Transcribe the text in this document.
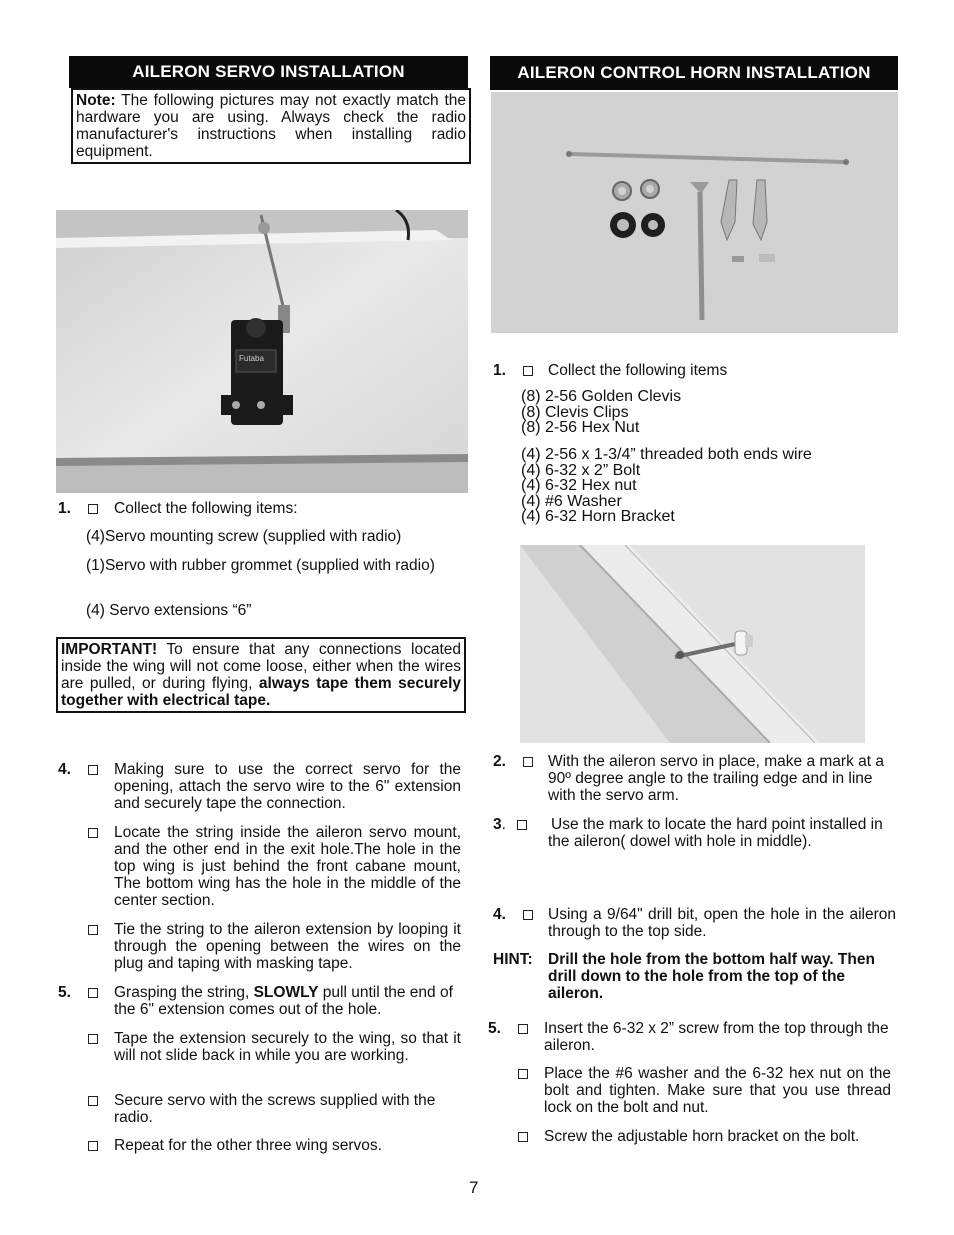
AILERON SERVO INSTALLATION
Note: The following pictures may not exactly match the hardware you are using. Always check the radio manufacturer's instructions when installing radio equipment.
Futaba
1.	Collect the following items:
(4)Servo mounting screw (supplied with radio)
(1)Servo with rubber grommet (supplied with radio)
(4) Servo extensions “6”
IMPORTANT! To ensure that any connections located inside the wing will not come loose, either when the wires are pulled, or during flying, always tape them securely together with electrical tape.
4.	Making sure to use the correct servo for the opening, attach the servo wire to the 6" extension and securely tape the connection.
Locate the string inside the aileron servo mount, and the other end in the exit hole.The hole in the top wing is just behind the front cabane mount, The bottom wing has the hole in the middle of the center section.
Tie the string to the aileron extension by looping it through the opening between the wires on the plug and taping with masking tape.
5.	Grasping the string, SLOWLY pull until the end of the 6" extension comes out of the hole.
Tape the extension securely to the wing, so that it will not slide back in while you are working.
Secure servo with the screws supplied with the radio.
Repeat for the other three wing servos.
AILERON CONTROL HORN INSTALLATION
1.	Collect the following items
(8) 2-56 Golden Clevis
(8) Clevis Clips
(8) 2-56 Hex Nut
(4) 2-56 x 1-3/4” threaded both ends wire
(4) 6-32 x 2” Bolt
(4) 6-32 Hex nut
(4) #6 Washer
(4) 6-32 Horn Bracket
2.	With the aileron servo in place, make a mark at a 90º degree angle to the trailing edge and in line with the servo arm.
3.	Use the mark to locate the hard point installed in the aileron( dowel with hole in middle).
4.	Using a 9/64" drill bit, open the hole in the aileron through to the top side.
HINT: Drill the hole from the bottom half way. Then drill down to the hole from the top of the aileron.
5.	Insert the 6-32 x 2” screw from the top through the aileron.
Place the #6 washer and the 6-32 hex nut on the bolt and tighten. Make sure that you use thread lock on the bolt and nut.
Screw the adjustable horn bracket on the bolt.
7
